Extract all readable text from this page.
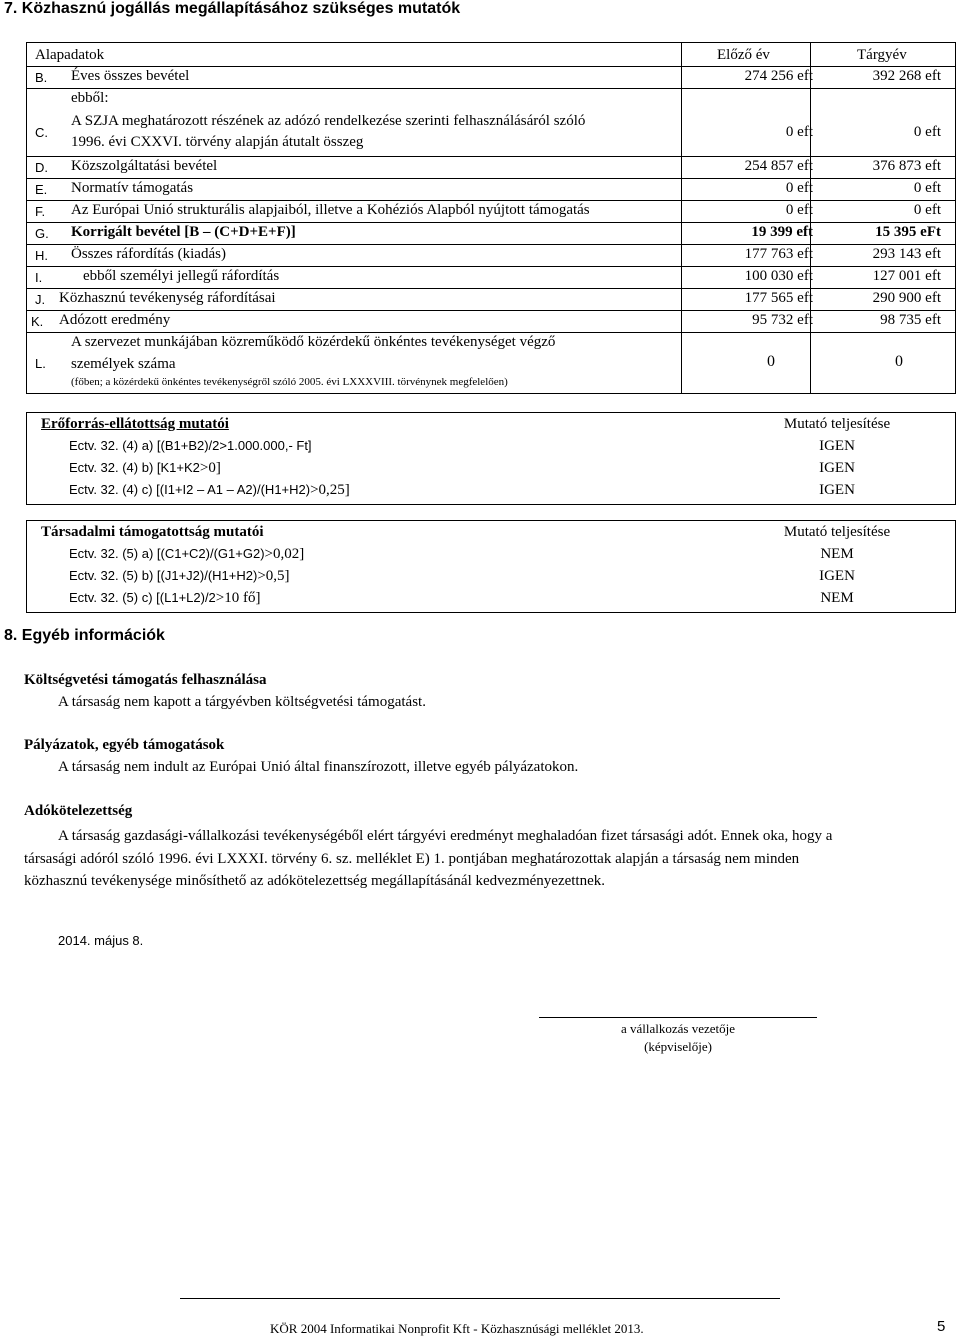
7. Közhasznú jogállás megállapításához szükséges mutatók
Alapadatok	Előző év	Tárgyév
B. Éves összes bevétel	274 256 eft	392 268 eft
ebből:
C.
A SZJA meghatározott részének az adózó rendelkezése szerinti felhasználásáról szóló
1996. évi CXXVI. törvény alapján átutalt összeg
0 eft	0 eft
D. Közszolgáltatási bevétel	254 857 eft	376 873 eft
E. Normatív támogatás	0 eft	0 eft
F. Az Európai Unió strukturális alapjaiból, illetve a Kohéziós Alapból nyújtott támogatás	0 eft	0 eft
G. Korrigált bevétel [B – (C+D+E+F)]	19 399 eft	15 395 eFt
H. Összes ráfordítás (kiadás)	177 763 eft	293 143 eft
I.	ebből személyi jellegű ráfordítás	100 030 eft	127 001 eft
J. Közhasznú tevékenység ráfordításai	177 565 eft	290 900 eft
K. Adózott eredmény	95 732 eft	98 735 eft
L.
A szervezet munkájában közreműködő közérdekű önkéntes tevékenységet végző
személyek száma
(főben; a közérdekű önkéntes tevékenységről szóló 2005. évi LXXXVIII. törvénynek megfelelően)
0	0
Erőforrás-ellátottság mutatói	Mutató teljesítése
Ectv. 32. (4) a) [(B1+B2)/2>1.000.000,- Ft]	IGEN
Ectv. 32. (4) b) [K1+K2>0]	IGEN
Ectv. 32. (4) c) [(I1+I2 – A1 – A2)/(H1+H2)>0,25]	IGEN
Társadalmi támogatottság mutatói	Mutató teljesítése
Ectv. 32. (5) a) [(C1+C2)/(G1+G2)>0,02]	NEM
Ectv. 32. (5) b) [(J1+J2)/(H1+H2)>0,5]	IGEN
Ectv. 32. (5) c) [(L1+L2)/2>10 fő]	NEM
8. Egyéb információk
Költségvetési támogatás felhasználása
A társaság nem kapott a tárgyévben költségvetési támogatást.
Pályázatok, egyéb támogatások
A társaság nem indult az Európai Unió által finanszírozott, illetve egyéb pályázatokon.
Adókötelezettség
A társaság gazdasági-vállalkozási tevékenységéből elért tárgyévi eredményt meghaladóan fizet társasági adót. Ennek oka, hogy a
társasági adóról szóló 1996. évi LXXXI. törvény 6. sz. melléklet E) 1. pontjában meghatározottak alapján a társaság nem minden
közhasznú tevékenysége minősíthető az adókötelezettség megállapításánál kedvezményezettnek.
2014. május 8.
a vállalkozás vezetője
(képviselője)
KÖR 2004 Informatikai Nonprofit Kft - Közhasznúsági melléklet 2013.	5
